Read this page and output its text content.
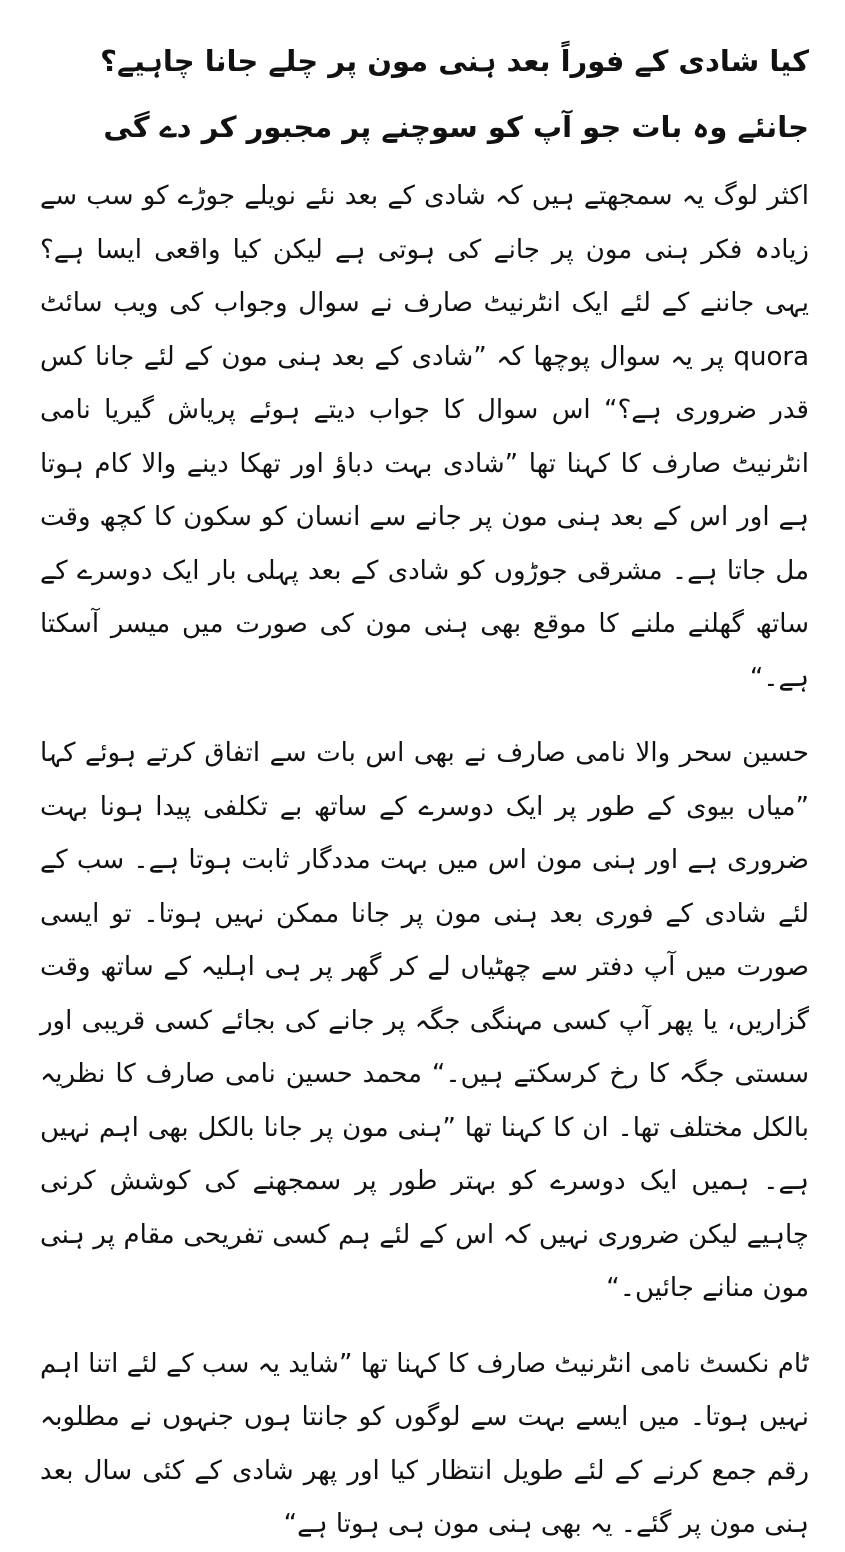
کیا شادی کے فوراً بعد ہنی مون پر چلے جانا چاہیے؟ جانئے وہ بات جو آپ کو سوچنے پر مجبور کر دے گی

اکثر لوگ یہ سمجھتے ہیں کہ شادی کے بعد نئے نویلے جوڑے کو سب سے زیادہ فکر ہنی مون پر جانے کی ہوتی ہے لیکن کیا واقعی ایسا ہے؟ یہی جاننے کے لئے ایک انٹرنیٹ صارف نے سوال وجواب کی ویب سائٹ quora پر یہ سوال پوچھا کہ ”شادی کے بعد ہنی مون کے لئے جانا کس قدر ضروری ہے؟“ اس سوال کا جواب دیتے ہوئے پریاش گیریا نامی انٹرنیٹ صارف کا کہنا تھا ”شادی بہت دباؤ اور تھکا دینے والا کام ہوتا ہے اور اس کے بعد ہنی مون پر جانے سے انسان کو سکون کا کچھ وقت مل جاتا ہے۔ مشرقی جوڑوں کو شادی کے بعد پہلی بار ایک دوسرے کے ساتھ گھلنے ملنے کا موقع بھی ہنی مون کی صورت میں میسر آسکتا ہے۔“

حسین سحر والا نامی صارف نے بھی اس بات سے اتفاق کرتے ہوئے کہا ”میاں بیوی کے طور پر ایک دوسرے کے ساتھ بے تکلفی پیدا ہونا بہت ضروری ہے اور ہنی مون اس میں بہت مددگار ثابت ہوتا ہے۔ سب کے لئے شادی کے فوری بعد ہنی مون پر جانا ممکن نہیں ہوتا۔ تو ایسی صورت میں آپ دفتر سے چھٹیاں لے کر گھر پر ہی اہلیہ کے ساتھ وقت گزاریں، یا پھر آپ کسی مہنگی جگہ پر جانے کی بجائے کسی قریبی اور سستی جگہ کا رخ کرسکتے ہیں۔“ محمد حسین نامی صارف کا نظریہ بالکل مختلف تھا۔ ان کا کہنا تھا ”ہنی مون پر جانا بالکل بھی اہم نہیں ہے۔ ہمیں ایک دوسرے کو بہتر طور پر سمجھنے کی کوشش کرنی چاہیے لیکن ضروری نہیں کہ اس کے لئے ہم کسی تفریحی مقام پر ہنی مون منانے جائیں۔“

ٹام نکسٹ نامی انٹرنیٹ صارف کا کہنا تھا ”شاید یہ سب کے لئے اتنا اہم نہیں ہوتا۔ میں ایسے بہت سے لوگوں کو جانتا ہوں جنہوں نے مطلوبہ رقم جمع کرنے کے لئے طویل انتظار کیا اور پھر شادی کے کئی سال بعد ہنی مون پر گئے۔ یہ بھی ہنی مون ہی ہوتا ہے“
